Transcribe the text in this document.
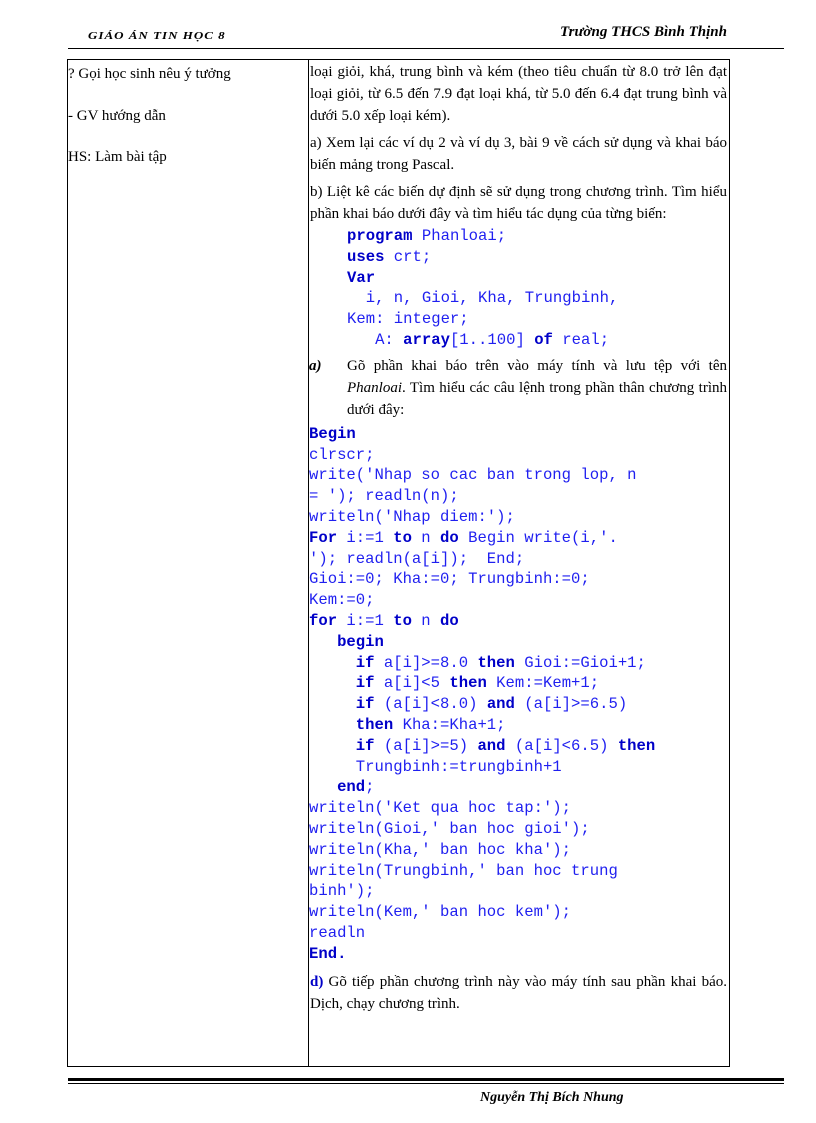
GIÁO ÁN TIN HỌC 8	Trường THCS Bình Thịnh
? Gọi học sinh nêu ý tưởng
- GV hướng dẫn
HS: Làm bài tập

loại giỏi, khá, trung bình và kém (theo tiêu chuẩn từ 8.0 trở lên đạt loại giỏi, từ 6.5 đến 7.9 đạt loại khá, từ 5.0 đến 6.4 đạt trung bình và dưới 5.0 xếp loại kém).

a) Xem lại các ví dụ 2 và ví dụ 3, bài 9 về cách sử dụng và khai báo biến mảng trong Pascal.

b) Liệt kê các biến dự định sẽ sử dụng trong chương trình. Tìm hiểu phần khai báo dưới đây và tìm hiểu tác dụng của từng biến:

program Phanloai;
uses crt;
Var
i, n, Gioi, Kha, Trungbinh,
Kem: integer;
A: array[1..100] of real;
a)	Gõ phần khai báo trên vào máy tính và lưu tệp với tên Phanloai. Tìm hiểu các câu lệnh trong phần thân chương trình dưới đây:
Begin
clrscr;
write('Nhap so cac ban trong lop, n
= '); readln(n);
writeln('Nhap diem:');
For i:=1 to n do Begin write(i,'.
'); readln(a[i]);  End;
Gioi:=0; Kha:=0; Trungbinh:=0;
Kem:=0;
for i:=1 to n do
begin
if a[i]>=8.0 then Gioi:=Gioi+1;
if a[i]<5 then Kem:=Kem+1;
if (a[i]<8.0) and (a[i]>=6.5)
then Kha:=Kha+1;
if (a[i]>=5) and (a[i]<6.5) then
Trungbinh:=trungbinh+1
end;
writeln('Ket qua hoc tap:');
writeln(Gioi,' ban hoc gioi');
writeln(Kha,' ban hoc kha');
writeln(Trungbinh,' ban hoc trung
binh');
writeln(Kem,' ban hoc kem');
readln
End.

d) Gõ tiếp phần chương trình này vào máy tính sau phần khai báo. Dịch, chạy chương trình.

Nguyễn Thị Bích Nhung
